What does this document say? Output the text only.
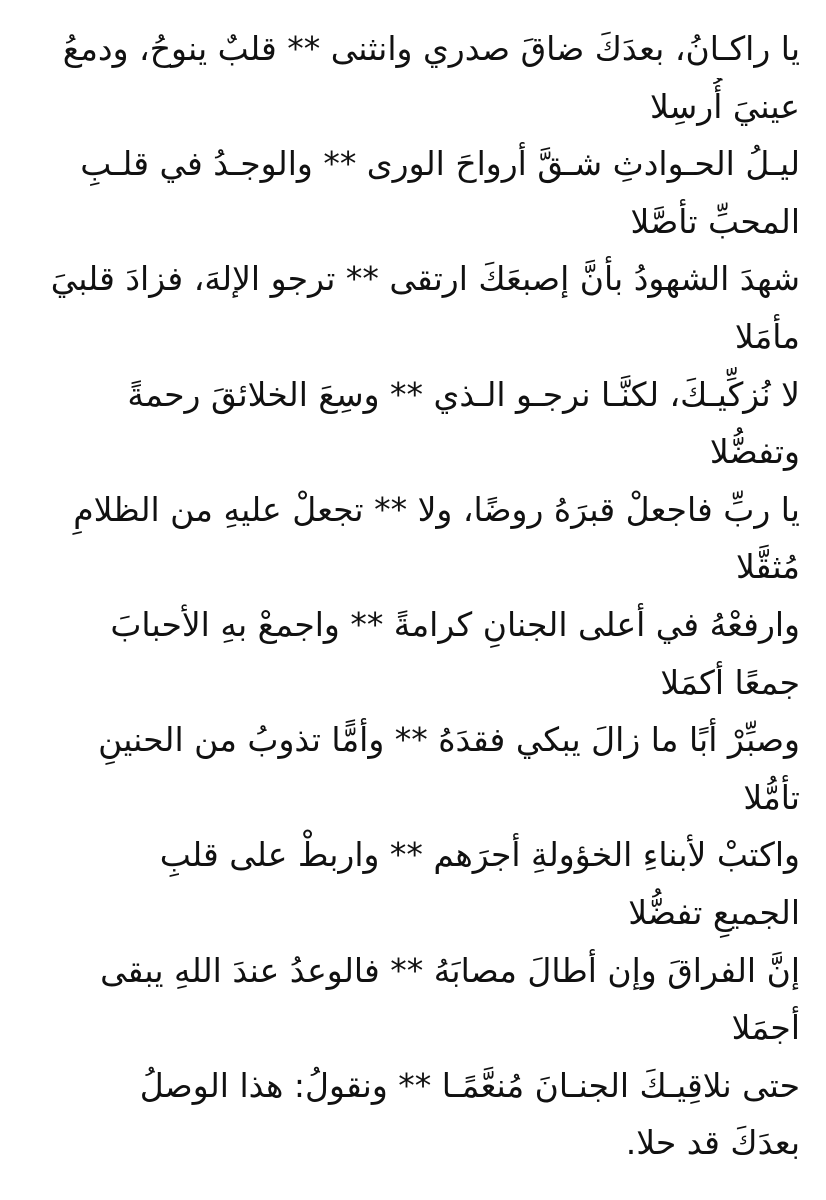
يا راكـانُ، بعدَكَ ضاقَ صدري وانثنى ** قلبٌ ينوحُ، ودمعُ
عينيَ أُرسِلا
ليـلُ الحـوادثِ شـقَّ أرواحَ الورى ** والوجـدُ في قلـبِ
المحبِّ تأصَّلا
شهدَ الشهودُ بأنَّ إصبعَكَ ارتقى ** ترجو الإلهَ، فزادَ قلبيَ
مأمَلا
لا نُزكِّيـكَ، لكنَّـا نرجـو الـذي ** وسِعَ الخلائقَ رحمةً
وتفضُّلا
يا ربِّ فاجعلْ قبرَهُ روضًا، ولا ** تجعلْ عليهِ من الظلامِ
مُثقَّلا
وارفعْهُ في أعلى الجنانِ كرامةً ** واجمعْ بهِ الأحبابَ
جمعًا أكمَلا
وصبِّرْ أبًا ما زالَ يبكي فقدَهُ ** وأمًّا تذوبُ من الحنينِ
تأمُّلا
واكتبْ لأبناءِ الخؤولةِ أجرَهم ** واربطْ على قلبِ
الجميعِ تفضُّلا
إنَّ الفراقَ وإن أطالَ مصابَهُ ** فالوعدُ عندَ اللهِ يبقى
أجمَلا
حتى نلاقِيـكَ الجنـانَ مُنعَّمًـا ** ونقولُ: هذا الوصلُ
بعدَكَ قد حلا.
